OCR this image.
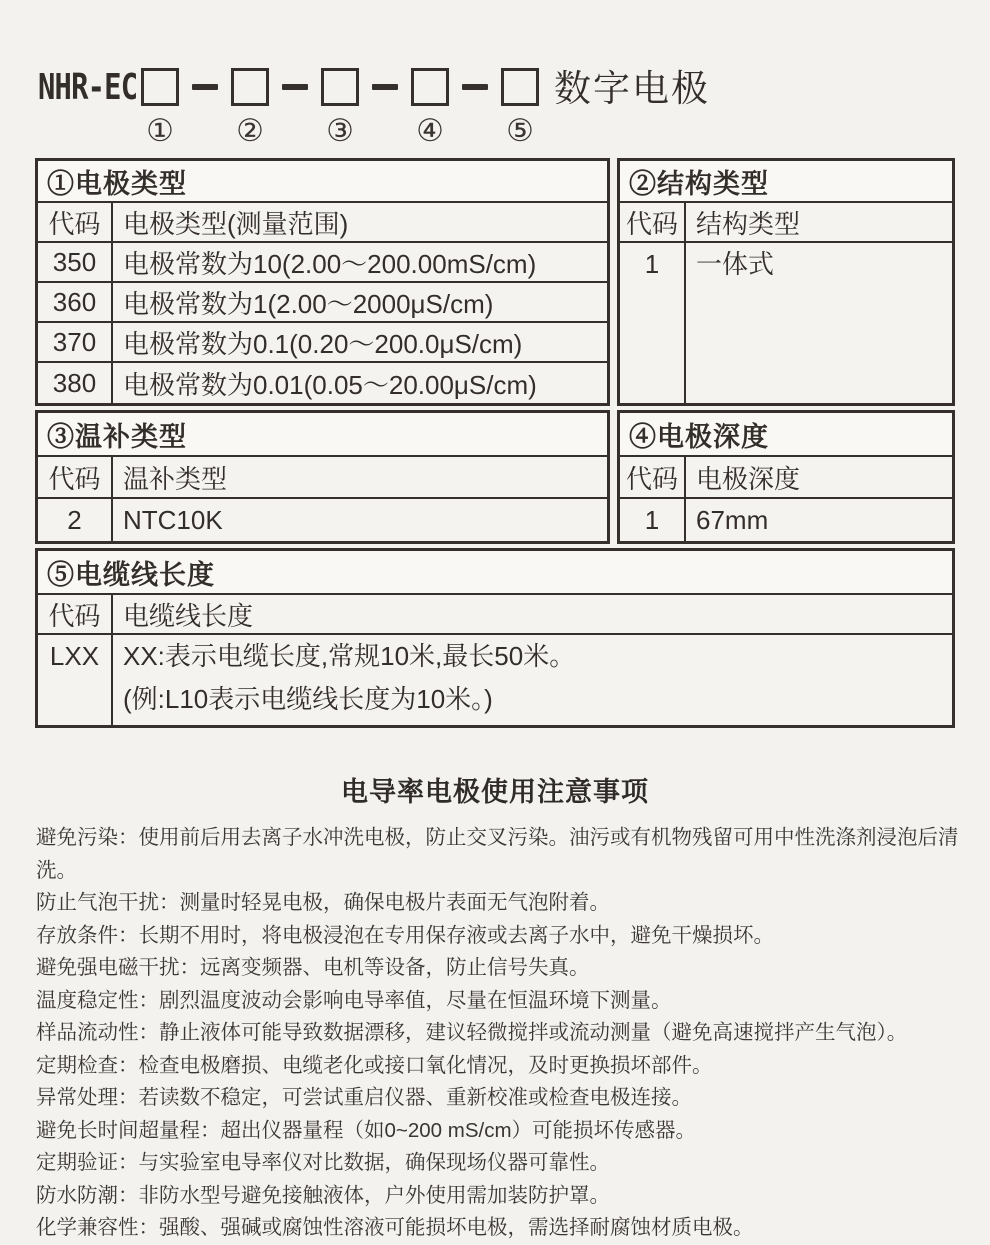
NHR-EC
① ② ③ ④ ⑤
数字电极
①电极类型
代码 电极类型(测量范围)
350	电极常数为10(2.00～200.00mS/cm)
360	电极常数为1(2.00～2000μS/cm)
370	电极常数为0.1(0.20～200.0μS/cm)
380	电极常数为0.01(0.05～20.00μS/cm)
②结构类型
代码 结构类型
1	一体式
③温补类型
代码 温补类型
2	NTC10K
④电极深度
代码 电极深度
1	67mm
⑤电缆线长度
代码 电缆线长度
LXX XX:表示电缆长度,常规10米,最长50米。
(例:L10表示电缆线长度为10米。)
电导率电极使用注意事项

避免污染：使用前后用去离子水冲洗电极，防止交叉污染。油污或有机物残留可用中性洗涤剂浸泡后清洗。

防止气泡干扰：测量时轻晃电极，确保电极片表面无气泡附着。

存放条件：长期不用时，将电极浸泡在专用保存液或去离子水中，避免干燥损坏。

避免强电磁干扰：远离变频器、电机等设备，防止信号失真。

温度稳定性：剧烈温度波动会影响电导率值，尽量在恒温环境下测量。

样品流动性：静止液体可能导致数据漂移，建议轻微搅拌或流动测量（避免高速搅拌产生气泡）。

定期检查：检查电极磨损、电缆老化或接口氧化情况，及时更换损坏部件。

异常处理：若读数不稳定，可尝试重启仪器、重新校准或检查电极连接。

避免长时间超量程：超出仪器量程（如0~200 mS/cm）可能损坏传感器。

定期验证：与实验室电导率仪对比数据，确保现场仪器可靠性。

防水防潮：非防水型号避免接触液体，户外使用需加装防护罩。

化学兼容性：强酸、强碱或腐蚀性溶液可能损坏电极，需选择耐腐蚀材质电极。
